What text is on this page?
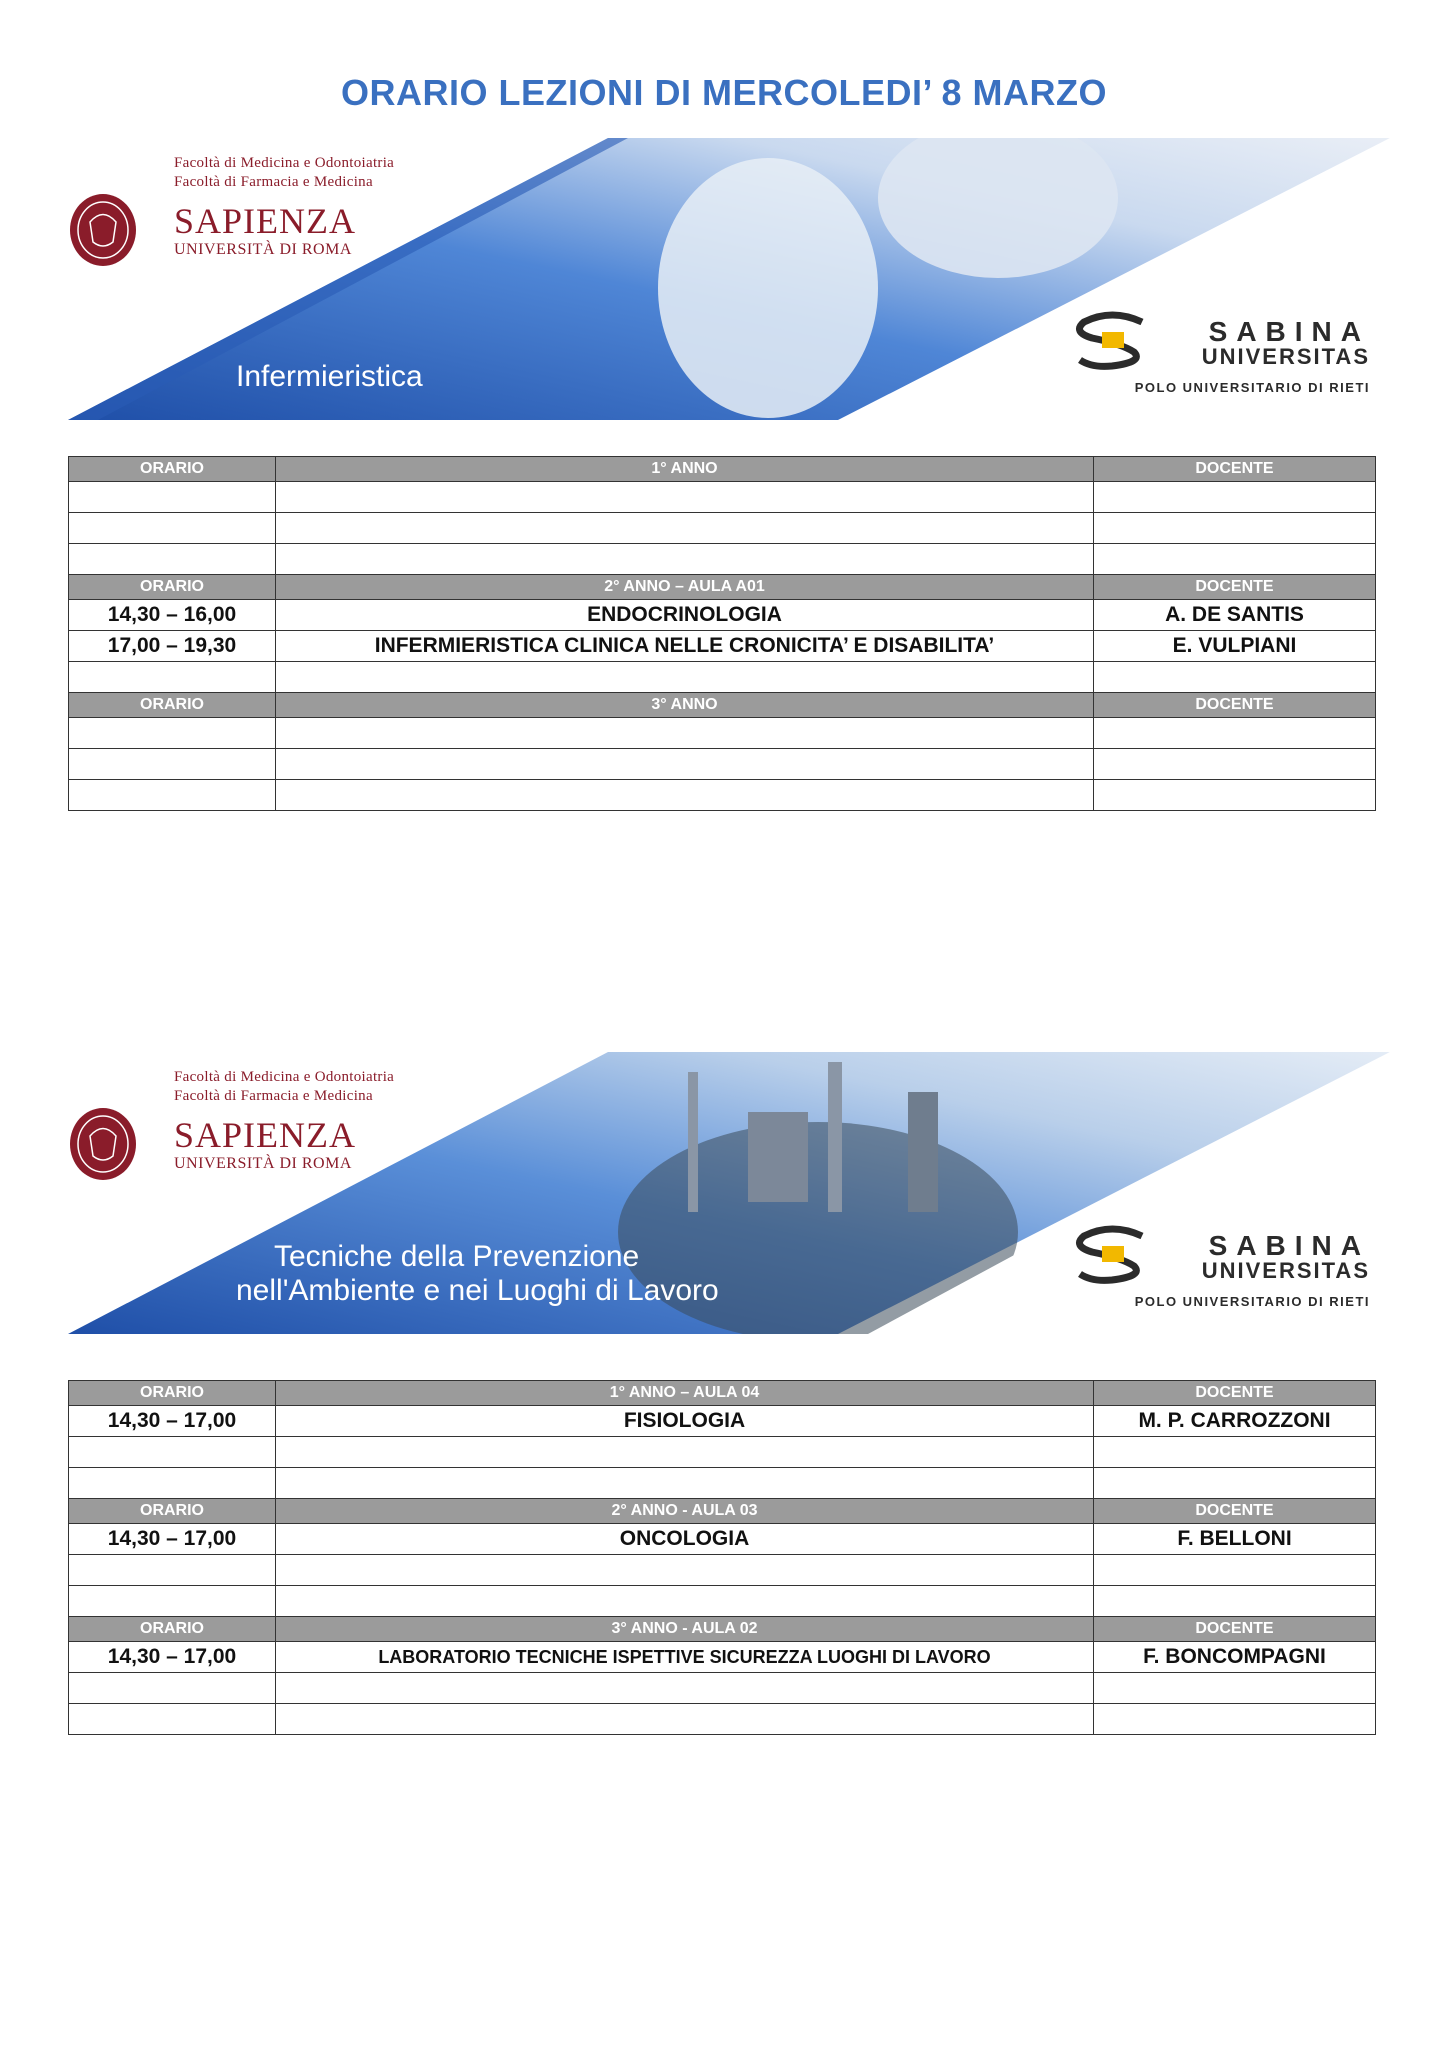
ORARIO LEZIONI DI MERCOLEDI’ 8 MARZO
Facoltà di Medicina e Odontoiatria
Facoltà di Farmacia e Medicina
SAPIENZA
UNIVERSITÀ DI ROMA
Infermieristica
SABINA
UNIVERSITAS
POLO UNIVERSITARIO DI RIETI
ORARIO	1° ANNO	DOCENTE

ORARIO	2° ANNO – AULA A01	DOCENTE
14,30 – 16,00	ENDOCRINOLOGIA	A. DE SANTIS
17,00 – 19,30	INFERMIERISTICA CLINICA NELLE CRONICITA’ E DISABILITA’	E. VULPIANI

ORARIO	3° ANNO	DOCENTE

Facoltà di Medicina e Odontoiatria
Facoltà di Farmacia e Medicina
SAPIENZA
UNIVERSITÀ DI ROMA
Tecniche della Prevenzione
nell'Ambiente e nei Luoghi di Lavoro
SABINA
UNIVERSITAS
POLO UNIVERSITARIO DI RIETI
ORARIO	1° ANNO – AULA 04	DOCENTE
14,30 – 17,00	FISIOLOGIA	M. P. CARROZZONI

ORARIO	2° ANNO - AULA 03	DOCENTE
14,30 – 17,00	ONCOLOGIA	F. BELLONI

ORARIO	3° ANNO - AULA 02	DOCENTE
14,30 – 17,00	LABORATORIO TECNICHE ISPETTIVE SICUREZZA LUOGHI DI LAVORO	F. BONCOMPAGNI
